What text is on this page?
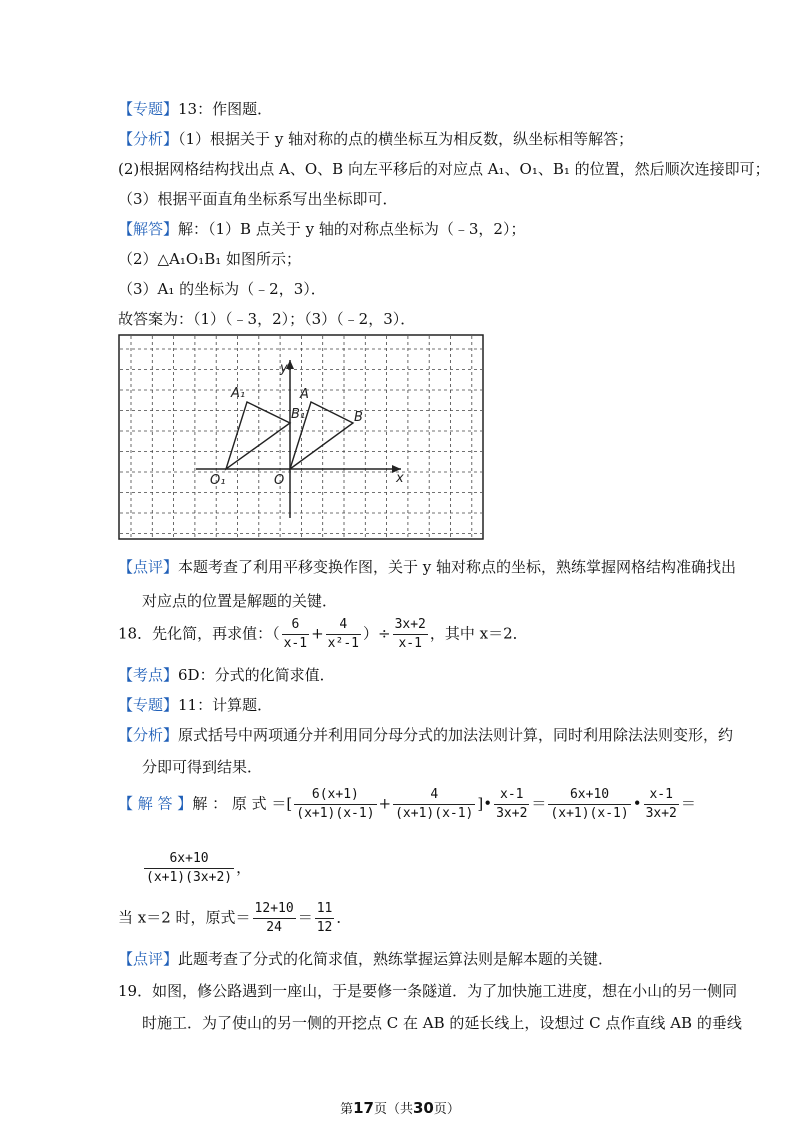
【专题】13：作图题．
【分析】（1）根据关于 y 轴对称的点的横坐标互为相反数，纵坐标相等解答；
(2)根据网格结构找出点 A、O、B 向左平移后的对应点 A₁、O₁、B₁ 的位置，然后顺次连接即可；
（3）根据平面直角坐标系写出坐标即可．
【解答】解：（1）B 点关于 y 轴的对称点坐标为（﹣3，2）；
（2）△A₁O₁B₁ 如图所示；
（3）A₁ 的坐标为（﹣2，3）．
故答案为：（1）（﹣3，2）；（3）（﹣2，3）．
A₁
B₁
O₁
A
B
O	x
y
【点评】本题考查了利用平移变换作图，关于 y 轴对称点的坐标，熟练掌握网格结构准确找出
对应点的位置是解题的关键．
18．先化简，再求值：（ $\frac{6}{x-1} + \frac{4}{\text{x²-1}}$ ）÷ $\frac{3x+2}{x-1}$ ，其中 x＝2．
【考点】6D：分式的化简求值．
【专题】11：计算题．
【分析】原式括号中两项通分并利用同分母分式的加法法则计算，同时利用除法法则变形，约
分即可得到结果．
【 解 答 】解 ： 原 式 ＝[ $\frac{6(x+1)}{(x+1)(x-1)} + \frac{4}{(x+1)(x-1)}$ ]• $\frac{x-1}{3x+2} = \frac{6x+10}{(x+1)(x-1)}$ • $\frac{x-1}{3x+2}$ ＝
$\frac{6x+10}{(x+1)(3x+2)}$ ，
当 x＝2 时，原式＝ $\frac{12+10}{24} = \frac{11}{12}$ ．
【点评】此题考查了分式的化简求值，熟练掌握运算法则是解本题的关键．
19．如图，修公路遇到一座山，于是要修一条隧道．为了加快施工进度，想在小山的另一侧同
时施工．为了使山的另一侧的开挖点 C 在 AB 的延长线上，设想过 C 点作直线 AB 的垂线
第17页（共30页）
